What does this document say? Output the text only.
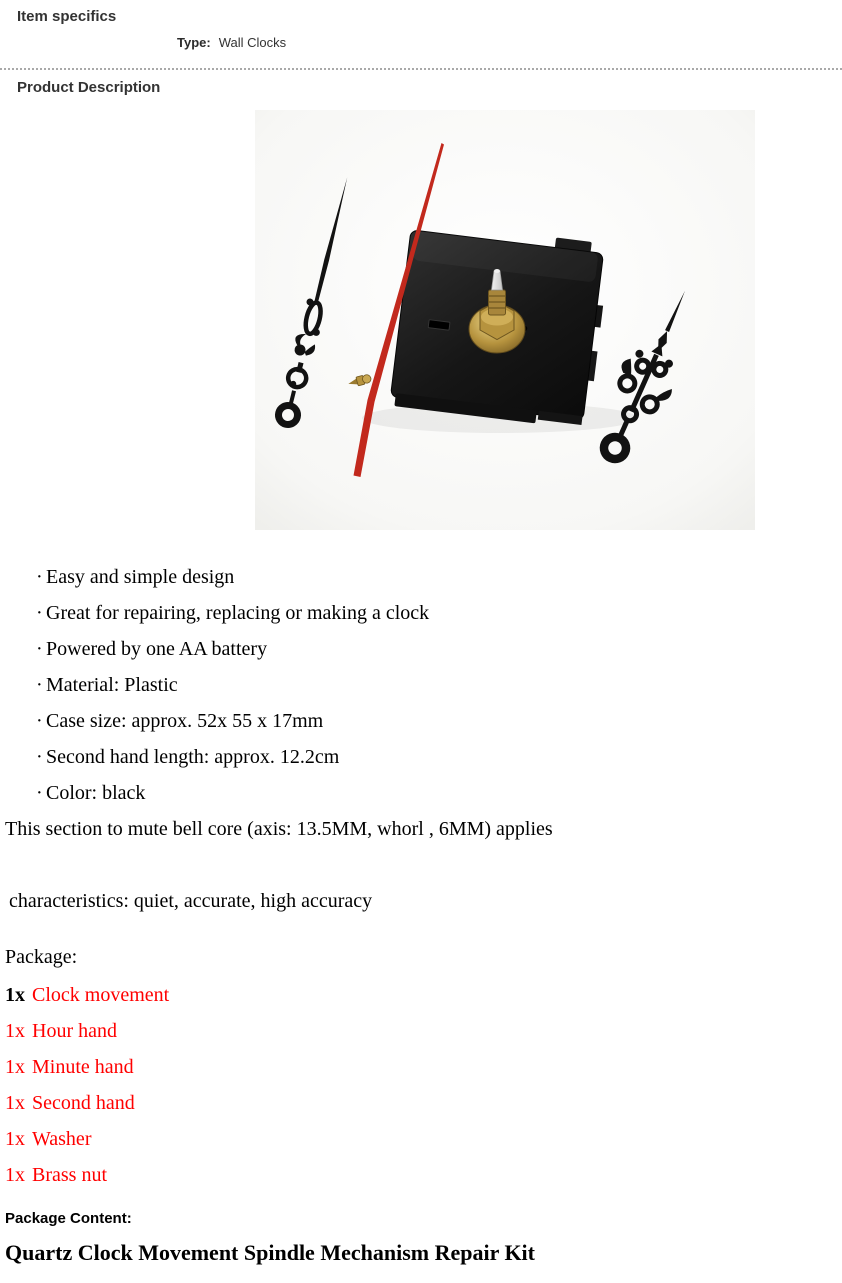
Item specifics
Type: Wall Clocks
Product Description
· Easy and simple design
· Great for repairing, replacing or making a clock
· Powered by one AA battery
· Material: Plastic
· Case size: approx. 52x 55 x 17mm
· Second hand length: approx. 12.2cm
· Color: black

This section to mute bell core (axis: 13.5MM, whorl , 6MM) applies

characteristics: quiet, accurate, high accuracy

Package:

1x Clock movement
1x Hour hand
1x Minute hand
1x Second hand
1x Washer
1x Brass nut

Package Content:

Quartz Clock Movement Spindle Mechanism Repair Kit
